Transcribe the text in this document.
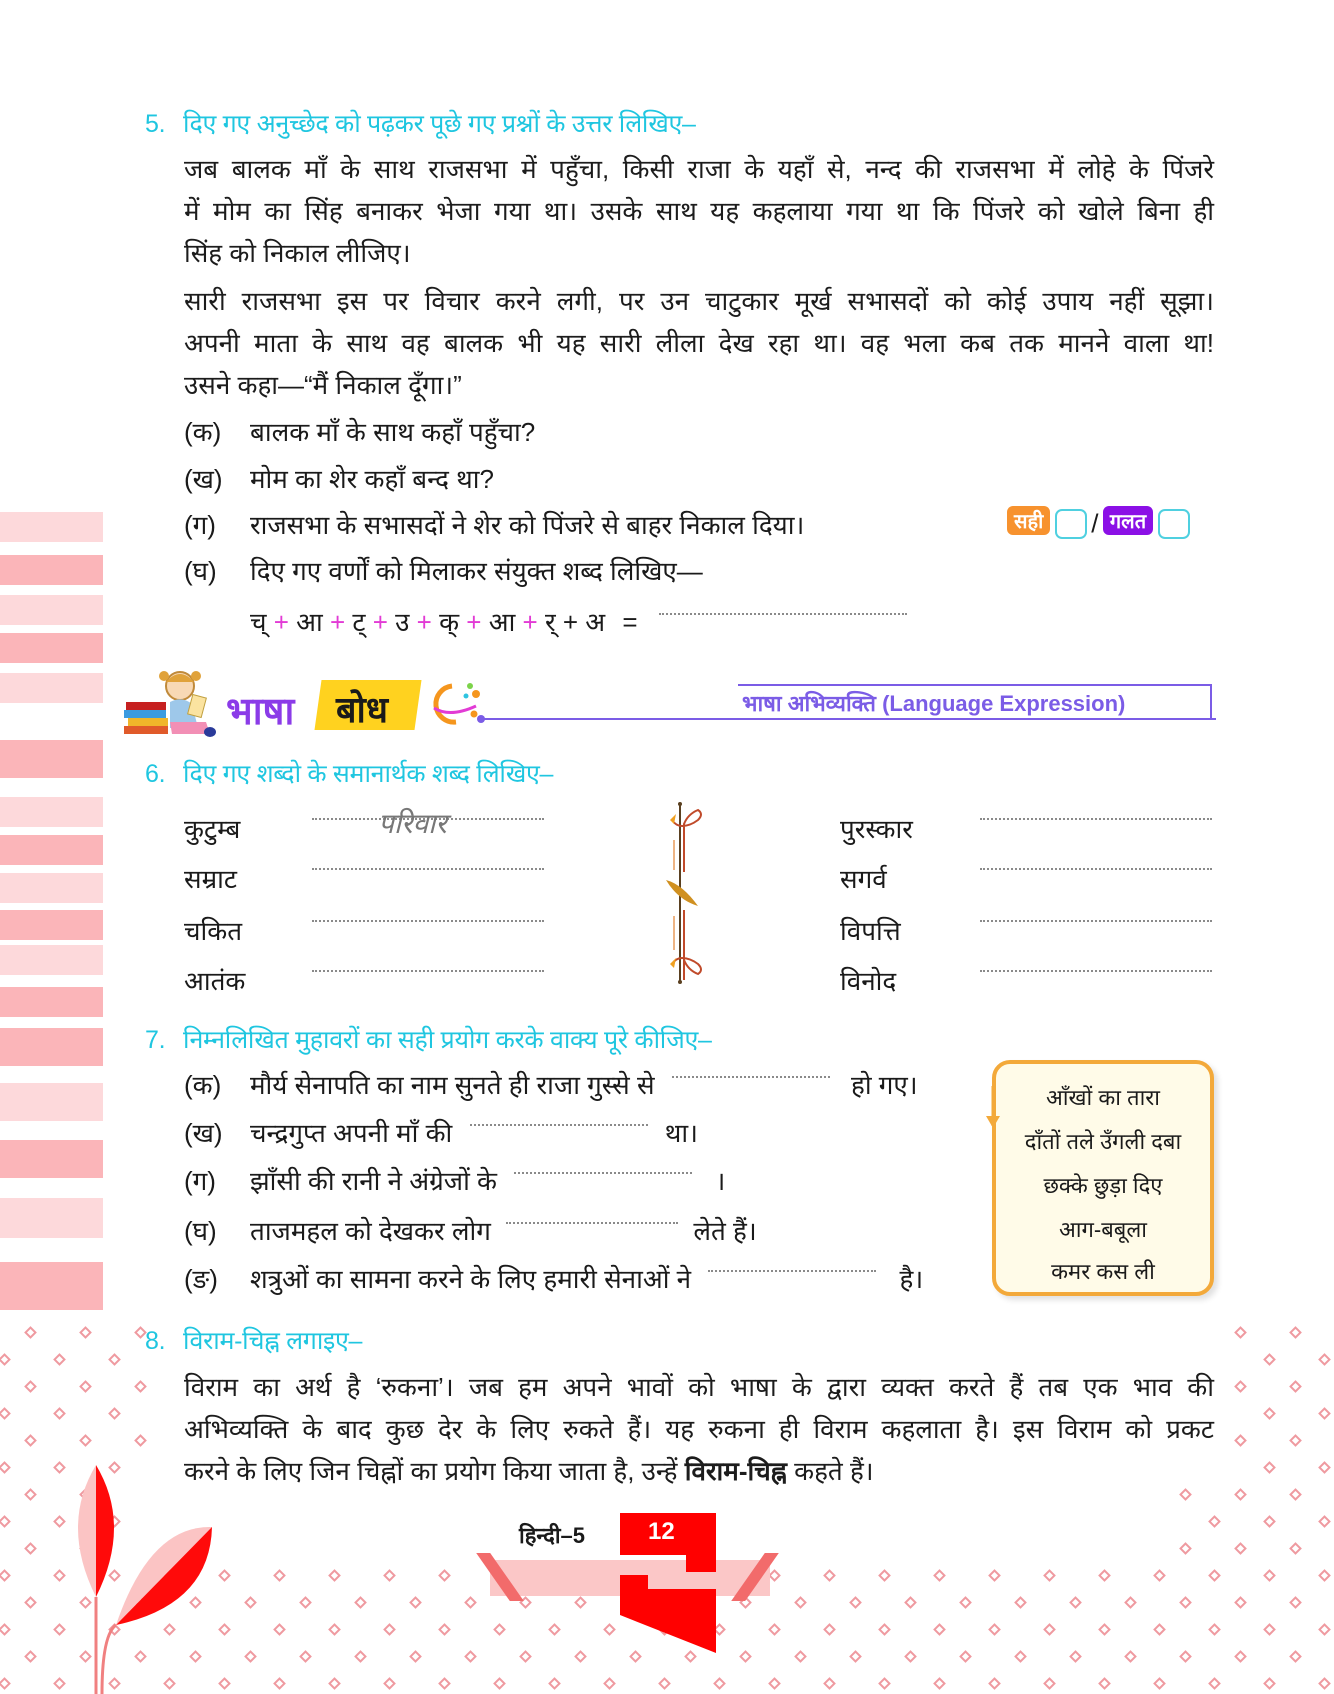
5. दिए गए अनुच्छेद को पढ़कर पूछे गए प्रश्नों के उत्तर लिखिए–
जब बालक माँ के साथ राजसभा में पहुँचा, किसी राजा के यहाँ से, नन्द की राजसभा में लोहे के पिंजरे
में मोम का सिंह बनाकर भेजा गया था। उसके साथ यह कहलाया गया था कि पिंजरे को खोले बिना ही
सिंह को निकाल लीजिए।
सारी राजसभा इस पर विचार करने लगी, पर उन चाटुकार मूर्ख सभासदों को कोई उपाय नहीं सूझा।
अपनी माता के साथ वह बालक भी यह सारी लीला देख रहा था। वह भला कब तक मानने वाला था!
उसने कहा—“मैं निकाल दूँगा।”
(क) बालक माँ के साथ कहाँ पहुँचा?
(ख) मोम का शेर कहाँ बन्द था?
(ग) राजसभा के सभासदों ने शेर को पिंजरे से बाहर निकाल दिया।	सही / गलत
(घ) दिए गए वर्णों को मिलाकर संयुक्त शब्द लिखिए—
च् + आ + ट् + उ + क् + आ + र् + अ =
भाषा बोध	भाषा अभिव्यक्ति (Language Expression)
6. दिए गए शब्दो के समानार्थक शब्द लिखिए–
कुटुम्ब	परिवार
सम्राट
चकित
आतंक
पुरस्कार
सगर्व
विपत्ति
विनोद
7. निम्नलिखित मुहावरों का सही प्रयोग करके वाक्य पूरे कीजिए–
(क) मौर्य सेनापति का नाम सुनते ही राजा गुस्से से	हो गए।
(ख) चन्द्रगुप्त अपनी माँ की	था।
(ग) झाँसी की रानी ने अंग्रेजों के	।
(घ) ताजमहल को देखकर लोग	लेते हैं।
(ङ) शत्रुओं का सामना करने के लिए हमारी सेनाओं ने	है।
आँखों का तारा
दाँतों तले उँगली दबा
छक्के छुड़ा दिए
आग-बबूला
कमर कस ली
8. विराम-चिह्न लगाइए–
विराम का अर्थ है ‘रुकना’। जब हम अपने भावों को भाषा के द्वारा व्यक्त करते हैं तब एक भाव की
अभिव्यक्ति के बाद कुछ देर के लिए रुकते हैं। यह रुकना ही विराम कहलाता है। इस विराम को प्रकट
करने के लिए जिन चिह्नों का प्रयोग किया जाता है, उन्हें विराम-चिह्न कहते हैं।
हिन्दी–5	12
